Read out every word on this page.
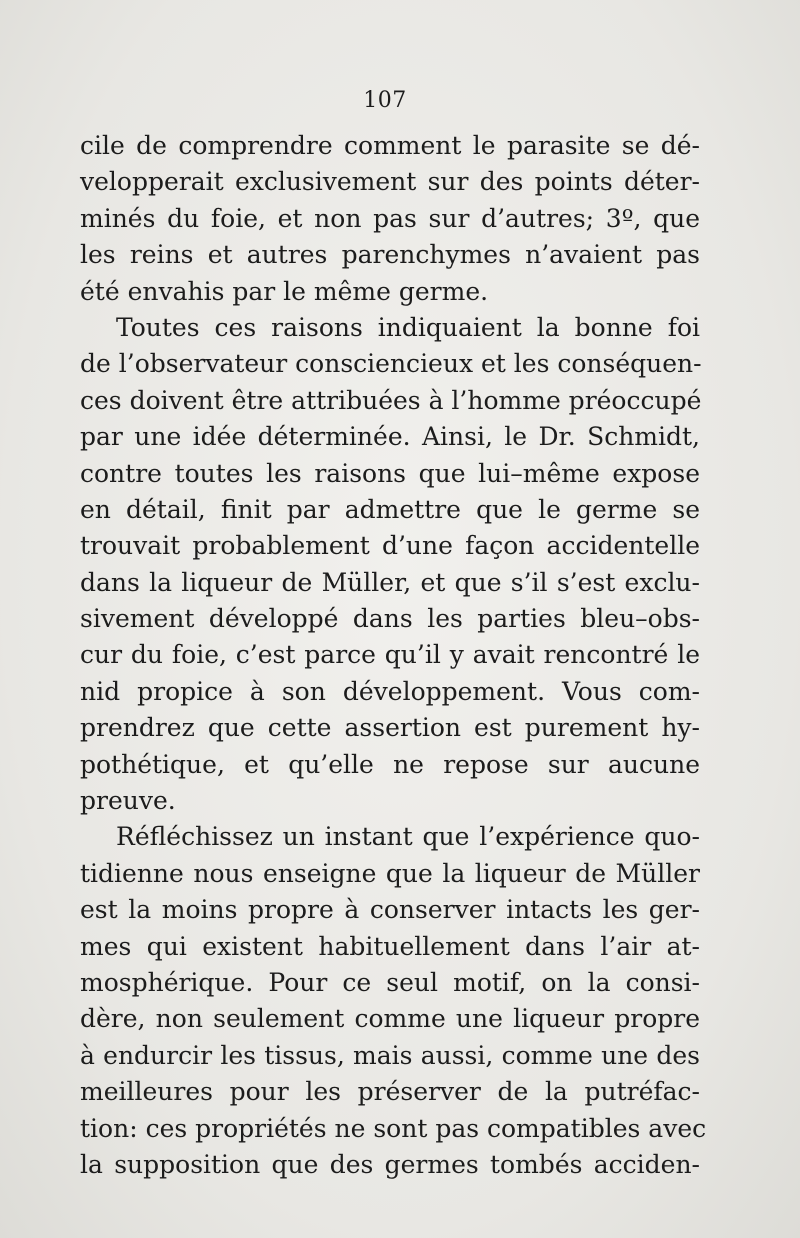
107
cile de comprendre comment le parasite se dé-
velopperait exclusivement sur des points déter-
minés du foie, et non pas sur d’autres; 3º, que
les reins et autres parenchymes n’avaient pas
été envahis par le même germe.
Toutes ces raisons indiquaient la bonne foi
de l’observateur consciencieux et les conséquen-
ces doivent être attribuées à l’homme préoccupé
par une idée déterminée. Ainsi, le Dr. Schmidt,
contre toutes les raisons que lui–même expose
en détail, finit par admettre que le germe se
trouvait probablement d’une façon accidentelle
dans la liqueur de Müller, et que s’il s’est exclu-
sivement développé dans les parties bleu–obs-
cur du foie, c’est parce qu’il y avait rencontré le
nid propice à son développement. Vous com-
prendrez que cette assertion est purement hy-
pothétique, et qu’elle ne repose sur aucune
preuve.
Réfléchissez un instant que l’expérience quo-
tidienne nous enseigne que la liqueur de Müller
est la moins propre à conserver intacts les ger-
mes qui existent habituellement dans l’air at-
mosphérique. Pour ce seul motif, on la consi-
dère, non seulement comme une liqueur propre
à endurcir les tissus, mais aussi, comme une des
meilleures pour les préserver de la putréfac-
tion: ces propriétés ne sont pas compatibles avec
la supposition que des germes tombés acciden-
